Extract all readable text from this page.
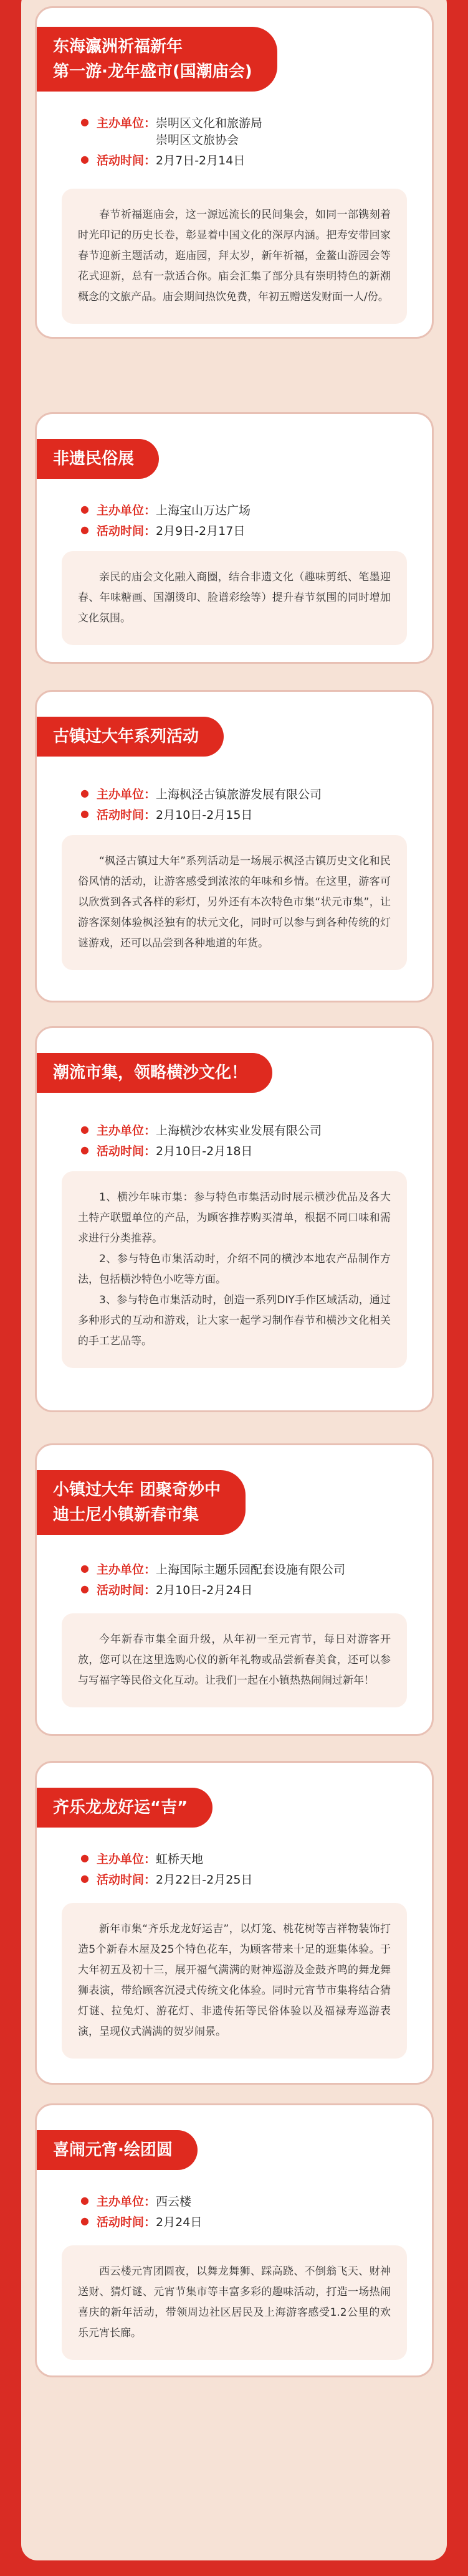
东海瀛洲祈福新年
第一游·龙年盛市(国潮庙会)
● 主办单位： 崇明区文化和旅游局
崇明区文旅协会
● 活动时间： 2月7日-2月14日

春节祈福逛庙会，这一源远流长的民间集会，如同一部镌刻着时光印记的历史长卷，彰显着中国文化的深厚内涵。把寿安带回家春节迎新主题活动，逛庙园，拜太岁，新年祈福，金鳌山游园会等花式迎新，总有一款适合你。庙会汇集了部分具有崇明特色的新潮概念的文旅产品。庙会期间热饮免费，年初五赠送发财面一人/份。

非遗民俗展
● 主办单位： 上海宝山万达广场
● 活动时间： 2月9日-2月17日

亲民的庙会文化融入商圈，结合非遗文化（趣味剪纸、笔墨迎春、年味糖画、国潮烫印、脸谱彩绘等）提升春节氛围的同时增加文化氛围。

古镇过大年系列活动
● 主办单位： 上海枫泾古镇旅游发展有限公司
● 活动时间： 2月10日-2月15日

“枫泾古镇过大年”系列活动是一场展示枫泾古镇历史文化和民俗风情的活动，让游客感受到浓浓的年味和乡情。在这里，游客可以欣赏到各式各样的彩灯，另外还有本次特色市集“状元市集”，让游客深刻体验枫泾独有的状元文化，同时可以参与到各种传统的灯谜游戏，还可以品尝到各种地道的年货。

潮流市集，领略横沙文化！
● 主办单位： 上海横沙农林实业发展有限公司
● 活动时间： 2月10日-2月18日

1、横沙年味市集：参与特色市集活动时展示横沙优品及各大土特产联盟单位的产品，为顾客推荐购买清单，根据不同口味和需求进行分类推荐。

2、参与特色市集活动时，介绍不同的横沙本地农产品制作方法，包括横沙特色小吃等方面。

3、参与特色市集活动时，创造一系列DIY手作区域活动，通过多种形式的互动和游戏，让大家一起学习制作春节和横沙文化相关的手工艺品等。

小镇过大年 团聚奇妙中
迪士尼小镇新春市集
● 主办单位： 上海国际主题乐园配套设施有限公司
● 活动时间： 2月10日-2月24日

今年新春市集全面升级，从年初一至元宵节，每日对游客开放，您可以在这里选购心仪的新年礼物或品尝新春美食，还可以参与写福字等民俗文化互动。让我们一起在小镇热热闹闹过新年！

齐乐龙龙好运“吉”
● 主办单位： 虹桥天地
● 活动时间： 2月22日-2月25日

新年市集“齐乐龙龙好运吉”，以灯笼、桃花树等吉祥物装饰打造5个新春木屋及25个特色花车，为顾客带来十足的逛集体验。于大年初五及初十三，展开福气满满的财神巡游及金鼓齐鸣的舞龙舞狮表演，带给顾客沉浸式传统文化体验。同时元宵节市集将结合猜灯谜、拉兔灯、游花灯、非遗传拓等民俗体验以及福禄寿巡游表演，呈现仪式满满的贺岁闹景。

喜闹元宵·绘团圆
● 主办单位： 西云楼
● 活动时间： 2月24日

西云楼元宵团圆夜，以舞龙舞狮、踩高跷、不倒翁飞天、财神送财、猜灯谜、元宵节集市等丰富多彩的趣味活动，打造一场热闹喜庆的新年活动，带领周边社区居民及上海游客感受1.2公里的欢乐元宵长廊。
